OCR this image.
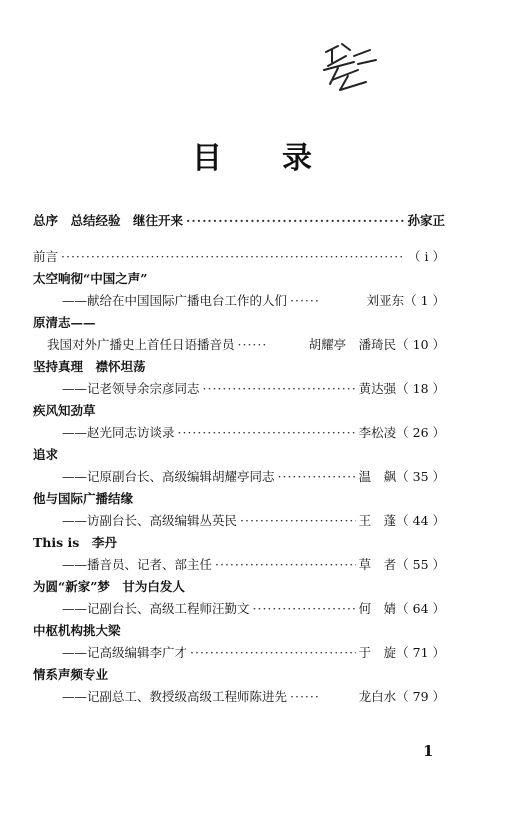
目 录
总序　总结经验　继往开来 ·····	孙家正
前言 ·····	（ i ）
太空响彻“中国之声”
——献给在中国国际广播电台工作的人们 ·····	刘亚东（ 1 ）
原清志——
我国对外广播史上首任日语播音员 ·····	胡耀亭　潘琦民（ 10 ）
坚持真理　襟怀坦荡
——记老领导余宗彦同志 ·····	黄达强（ 18 ）
疾风知劲草
——赵光同志访谈录 ·····	李松凌（ 26 ）
追求
——记原副台长、高级编辑胡耀亭同志 ·····	温　飙（ 35 ）
他与国际广播结缘
——访副台长、高级编辑丛英民 ·····	王　蓬（ 44 ）
This is　李丹
——播音员、记者、部主任 ·····	草　者（ 55 ）
为圆“新家”梦　甘为白发人
——记副台长、高级工程师汪勤文 ·····	何　婧（ 64 ）
中枢机构挑大梁
——记高级编辑李广才 ·····	于　旋（ 71 ）
情系声频专业
——记副总工、教授级高级工程师陈进先 ·····	龙白水（ 79 ）
1
